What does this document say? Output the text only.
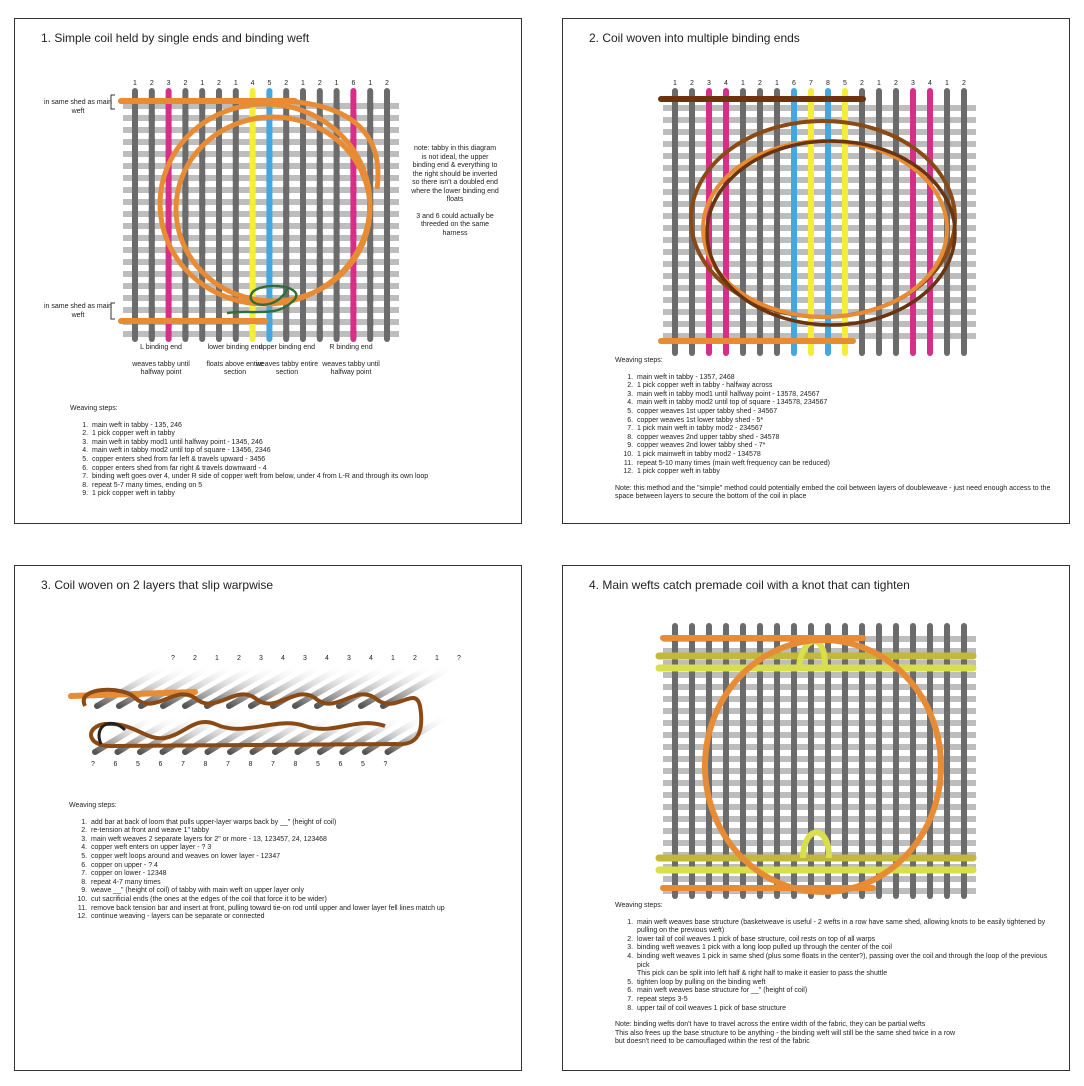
1. Simple coil held by single ends and binding weft
1 2 3 2 1 2 1 4 5 2 1 2 1 6 1 2
in same shed as main weft
in same shed as main weft
note: tabby in this diagram is not ideal, the upper binding end & everything to the right should be inverted so there isn't a doubled end where the lower binding end floats
3 and 6 could actually be threeded on the same harness
L binding end
weaves tabby until halfway point
lower binding end
floats above entire section
upper binding end
weaves tabby entire section
R binding end
weaves tabby until halfway point
Weaving steps:
1. main weft in tabby - 135, 246
2. 1 pick copper weft in tabby
3. main weft in tabby mod1 until halfway point - 1345, 246
4. main weft in tabby mod2 until top of square - 13456, 2346
5. copper enters shed from far left & travels upward - 3456
6. copper enters shed from far right & travels downward - 4
7. binding weft goes over 4, under R side of copper weft from below, under 4 from L-R and through its own loop
8. repeat 5-7 many times, ending on 5
9. 1 pick copper weft in tabby
2. Coil woven into multiple binding ends
1 2 3 4 1 2 1 6 7 8 5 2 1 2 3 4 1 2
Weaving steps:
1. main weft in tabby - 1357, 2468
2. 1 pick copper weft in tabby - halfway across
3. main weft in tabby mod1 until halfway point - 13578, 24567
4. main weft in tabby mod2 until top of square - 134578, 234567
5. copper weaves 1st upper tabby shed - 34567
6. copper weaves 1st lower tabby shed - 5*
7. 1 pick main weft in tabby mod2 - 234567
8. copper weaves 2nd upper tabby shed - 34578
9. copper weaves 2nd lower tabby shed - 7*
10. 1 pick mainweft in tabby mod2 - 134578
11. repeat 5-10 many times (main weft frequency can be reduced)
12. 1 pick copper weft in tabby
Note: this method and the "simple" method could potentially embed the coil between layers of doubleweave - just need enough access to the space between layers to secure the bottom of the coil in place
3. Coil woven on 2 layers that slip warpwise
?	2	1	2	3	4	3	4	3	4	1	2	1	?
?	6	5	6	7	8	7	8	7	8	5	6	5	?
Weaving steps:
1. add bar at back of loom that pulls upper-layer warps back by __" (height of coil)
2. re-tension at front and weave 1" tabby
3. main weft weaves 2 separate layers for 2" or more - 13, 123457, 24, 123468
4. copper weft enters on upper layer - ? 3
5. copper weft loops around and weaves on lower layer - 12347
6. copper on upper - ? 4
7. copper on lower - 12348
8. repeat 4-7 many times
9. weave __" (height of coil) of tabby with main weft on upper layer only
10. cut sacrificial ends (the ones at the edges of the coil that force it to be wider)
11. remove back tension bar and insert at front, pulling toward tie-on rod until upper and lower layer fell lines match up
12. continue weaving - layers can be separate or connected
4. Main wefts catch premade coil with a knot that can tighten
Weaving steps:
1. main weft weaves base structure (basketweave is useful - 2 wefts in a row have same shed, allowing knots to be easily tightened by pulling on the previous weft)
2. lower tail of coil weaves 1 pick of base structure, coil rests on top of all warps
3. binding weft weaves 1 pick with a long loop pulled up through the center of the coil
4. binding weft weaves 1 pick in same shed (plus some floats in the center?), passing over the coil and through the loop of the previous pick
This pick can be split into left half & right half to make it easier to pass the shuttle
5. tighten loop by pulling on the binding weft
6. main weft weaves base structure for __" (height of coil)
7. repeat steps 3-5
8. upper tail of coil weaves 1 pick of base structure
Note: binding wefts don't have to travel across the entire width of the fabric, they can be partial wefts
This also frees up the base structure to be anything - the binding weft will still be the same shed twice in a row
but doesn't need to be camouflaged within the rest of the fabric
